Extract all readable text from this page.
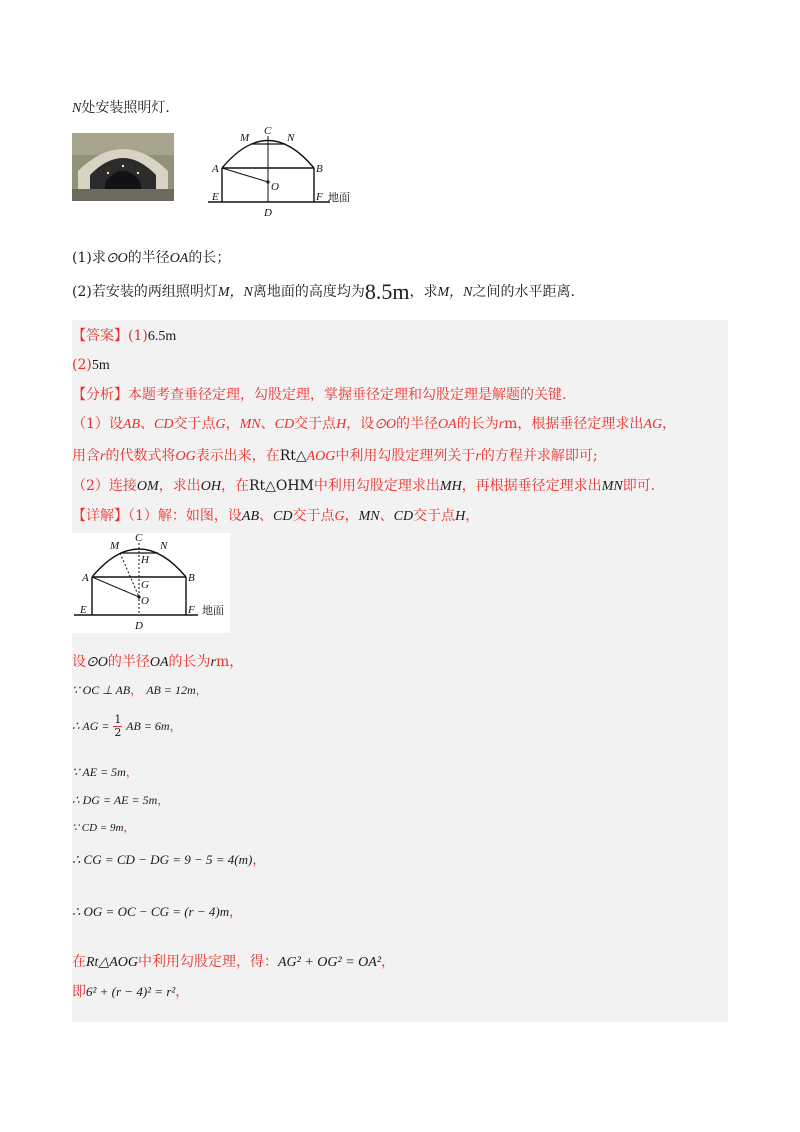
N处安装照明灯.
M
C
N
A	B
O
E	F
D
地面
(1)求⊙O的半径OA的长；
(2)若安装的两组照明灯M，N离地面的高度均为8.5m，求M，N之间的水平距离.
【答案】(1)6.5m
(2)5m
【分析】本题考查垂径定理，勾股定理，掌握垂径定理和勾股定理是解题的关键.
（1）设AB、CD交于点G，MN、CD交于点H，设⊙O的半径OA的长为rm，根据垂径定理求出AG，
用含r的代数式将OG表示出来，在Rt△AOG中利用勾股定理列关于r的方程并求解即可;
（2）连接OM，求出OH，在Rt△OHM中利用勾股定理求出MH，再根据垂径定理求出MN即可.
【详解】（1）解：如图，设AB、CD交于点G，MN、CD交于点H，
M
C
N
H
A
G
B
O
E	F
D
地面
设⊙O的半径OA的长为rm，
∵ OC ⊥ AB， AB = 12m，
∴ AG = $\frac{1}{2}$ AB = 6m，
∵ AE = 5m，
∴ DG = AE = 5m，
∵ CD = 9m，
∴ CG = CD − DG = 9 − 5 = 4(m)，
∴ OG = OC − CG = (r − 4)m，
在Rt△AOG中利用勾股定理，得：AG² + OG² = OA²，
即6² + (r − 4)² = r²，
